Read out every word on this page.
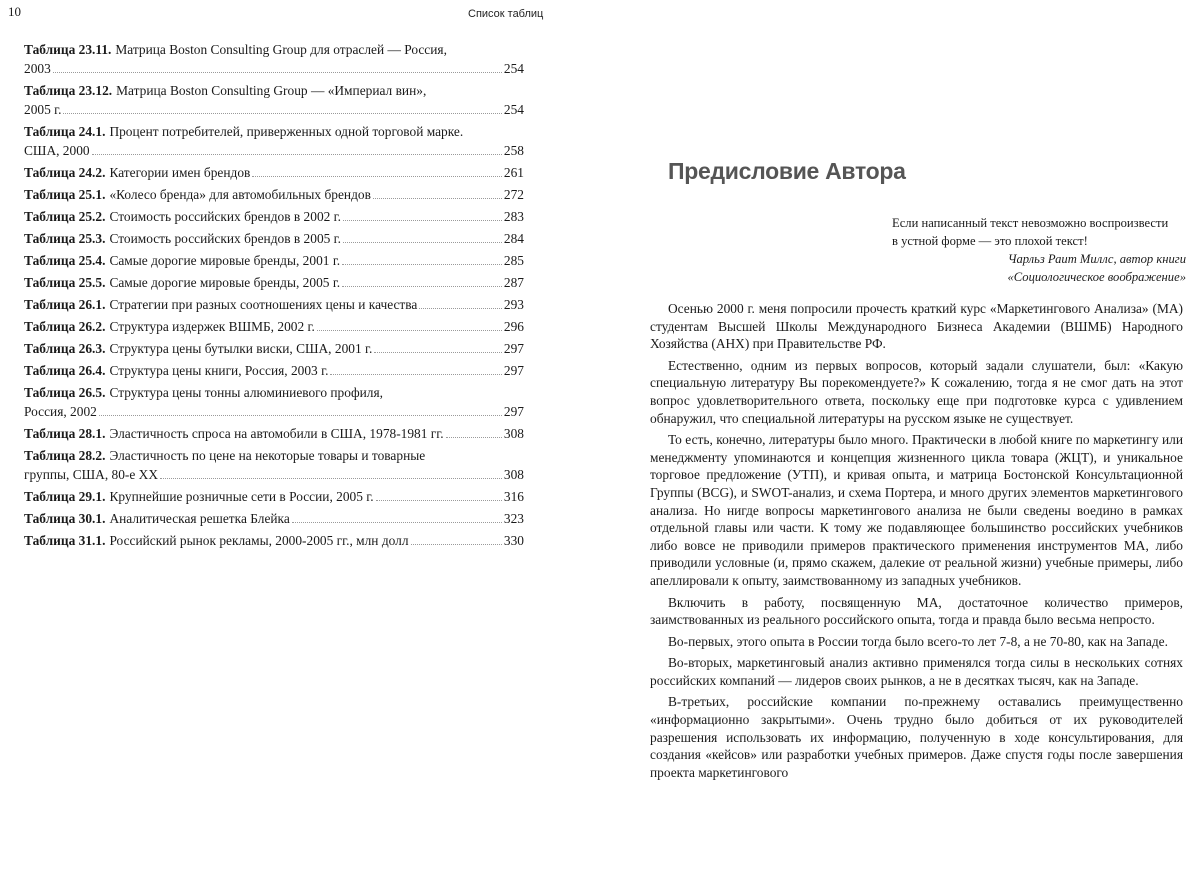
10	Список таблиц
Таблица 23.11. Матрица Boston Consulting Group для отраслей — Россия,
2003	254
Таблица 23.12. Матрица Boston Consulting Group — «Империал вин»,
2005 г.	254
Таблица 24.1. Процент потребителей, приверженных одной торговой марке.
США, 2000	258
Таблица 24.2. Категории имен брендов	261
Таблица 25.1. «Колесо бренда» для автомобильных брендов	272
Таблица 25.2. Стоимость российских брендов в 2002 г.	283
Таблица 25.3. Стоимость российских брендов в 2005 г.	284
Таблица 25.4. Самые дорогие мировые бренды, 2001 г.	285
Таблица 25.5. Самые дорогие мировые бренды, 2005 г.	287
Таблица 26.1. Стратегии при разных соотношениях цены и качества	293
Таблица 26.2. Структура издержек ВШМБ, 2002 г.	296
Таблица 26.3. Структура цены бутылки виски, США, 2001 г.	297
Таблица 26.4. Структура цены книги, Россия, 2003 г.	297
Таблица 26.5. Структура цены тонны алюминиевого профиля,
Россия, 2002	297
Таблица 28.1. Эластичность спроса на автомобили в США, 1978-1981 гг.	308
Таблица 28.2. Эластичность по цене на некоторые товары и товарные
группы, США, 80-е XX	308
Таблица 29.1. Крупнейшие розничные сети в России, 2005 г.	316
Таблица 30.1. Аналитическая решетка Блейка	323
Таблица 31.1. Российский рынок рекламы, 2000-2005 гг., млн долл	330
Предисловие Автора
Если написанный текст невозможно воспроизвести
в устной форме — это плохой текст!
Чарльз Раит Миллс, автор книги
«Социологическое воображение»

Осенью 2000 г. меня попросили прочесть краткий курс «Маркетингового Анализа» (МА) студентам Высшей Школы Международного Бизнеса Академии (ВШМБ) Народного Хозяйства (АНХ) при Правительстве РФ.

Естественно, одним из первых вопросов, который задали слушатели, был: «Какую специальную литературу Вы порекомендуете?» К сожалению, тогда я не смог дать на этот вопрос удовлетворительного ответа, поскольку еще при подготовке курса с удивлением обнаружил, что специальной литературы на русском языке не существует.

То есть, конечно, литературы было много. Практически в любой книге по маркетингу или менеджменту упоминаются и концепция жизненного цикла товара (ЖЦТ), и уникальное торговое предложение (УТП), и кривая опыта, и матрица Бостонской Консультационной Группы (BCG), и SWOT-анализ, и схема Портера, и много других элементов маркетингового анализа. Но нигде вопросы маркетингового анализа не были сведены воедино в рамках отдельной главы или части. К тому же подавляющее большинство российских учебников либо вовсе не приводили примеров практического применения инструментов МА, либо приводили условные (и, прямо скажем, далекие от реальной жизни) учебные примеры, либо апеллировали к опыту, заимствованному из западных учебников.

Включить в работу, посвященную МА, достаточное количество примеров, заимствованных из реального российского опыта, тогда и правда было весьма непросто.

Во-первых, этого опыта в России тогда было всего-то лет 7-8, а не 70-80, как на Западе.

Во-вторых, маркетинговый анализ активно применялся тогда силы в нескольких сотнях российских компаний — лидеров своих рынков, а не в десятках тысяч, как на Западе.

В-третьих, российские компании по-прежнему оставались преимущественно «информационно закрытыми». Очень трудно было добиться от их руководителей разрешения использовать их информацию, полученную в ходе консультирования, для создания «кейсов» или разработки учебных примеров. Даже спустя годы после завершения проекта маркетингового
